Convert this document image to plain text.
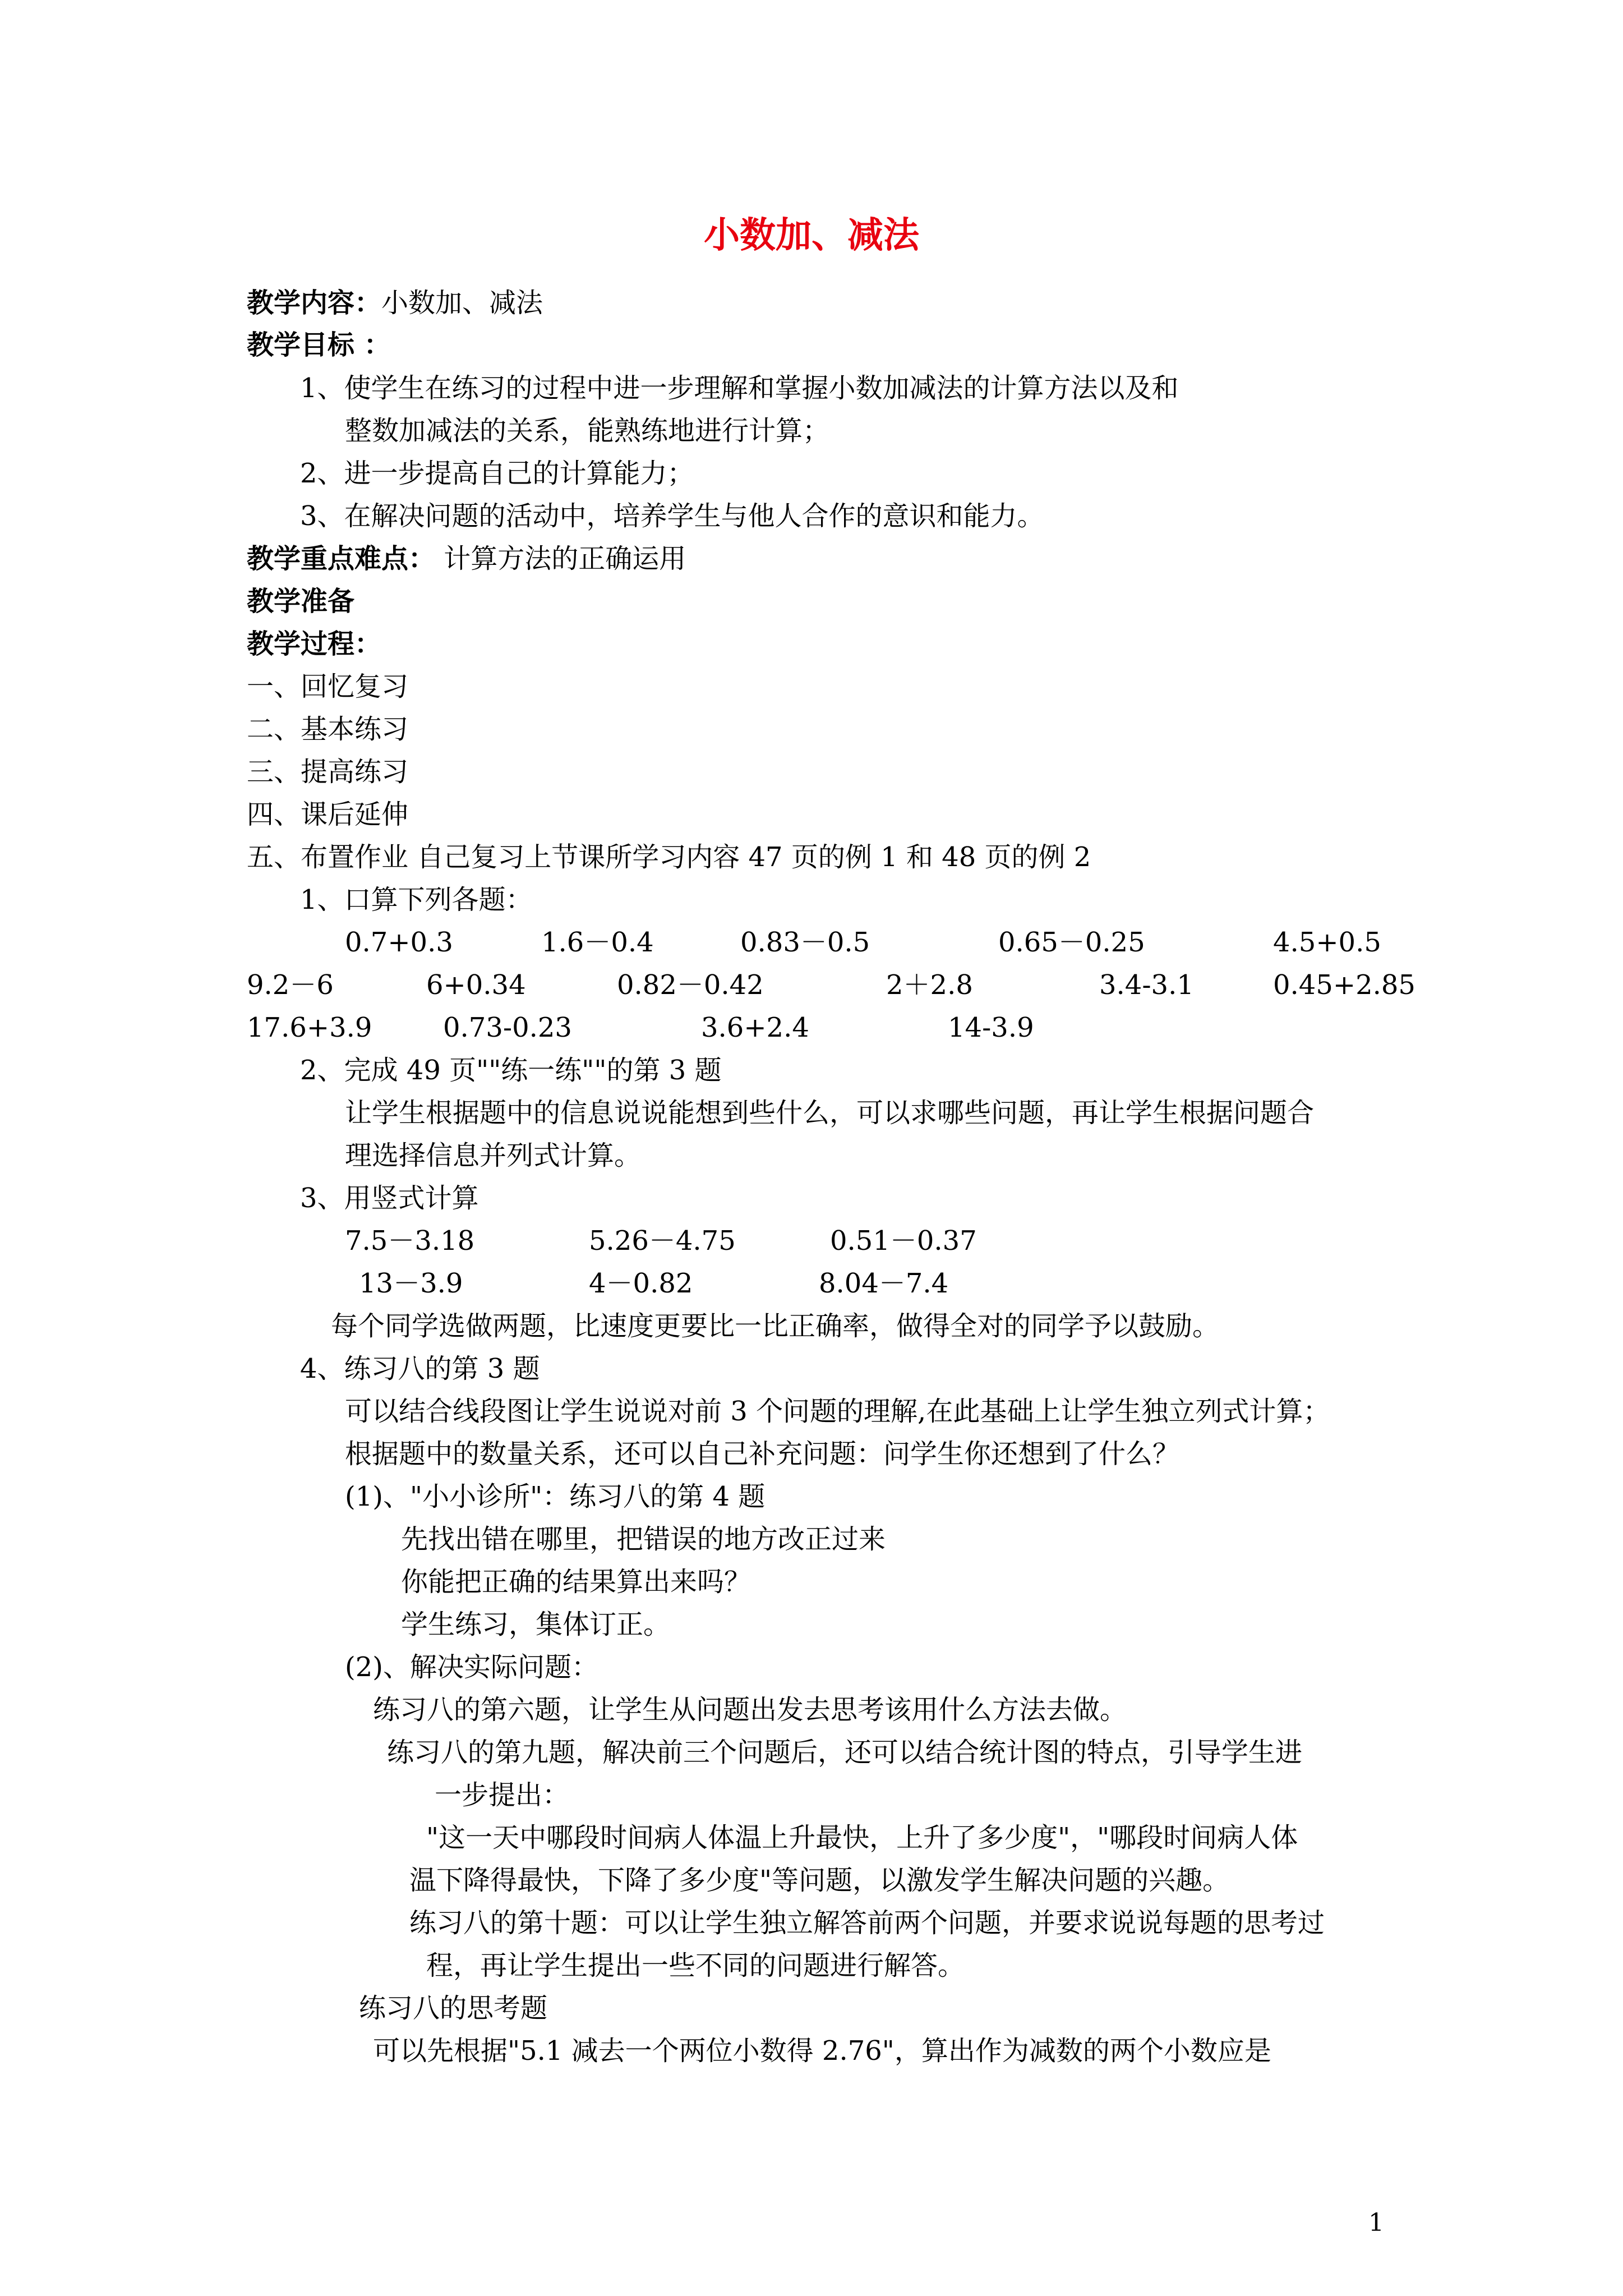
小数加、减法
教学内容：小数加、减法
教学目标 ：
1、使学生在练习的过程中进一步理解和掌握小数加减法的计算方法以及和
整数加减法的关系，能熟练地进行计算；
2、进一步提高自己的计算能力；
3、在解决问题的活动中，培养学生与他人合作的意识和能力。
教学重点难点： 计算方法的正确运用
教学准备
教学过程：
一、回忆复习
二、基本练习
三、提高练习
四、课后延伸
五、布置作业 自己复习上节课所学习内容 47 页的例 1 和 48 页的例 2
1、口算下列各题：
0.7+0.3	1.6－0.4	0.83－0.5	0.65－0.25	4.5+0.5
9.2－6	6+0.34	0.82－0.42	2＋2.8	3.4-3.1	0.45+2.85
17.6+3.9	0.73-0.23	3.6+2.4	14-3.9
2、完成 49 页""练一练""的第 3 题
让学生根据题中的信息说说能想到些什么，可以求哪些问题，再让学生根据问题合
理选择信息并列式计算。
3、用竖式计算
7.5－3.18	5.26－4.75	0.51－0.37
13－3.9	4－0.82	8.04－7.4
每个同学选做两题，比速度更要比一比正确率，做得全对的同学予以鼓励。
4、练习八的第 3 题
可以结合线段图让学生说说对前 3 个问题的理解,在此基础上让学生独立列式计算；
根据题中的数量关系，还可以自己补充问题：问学生你还想到了什么？
(1)、"小小诊所"：练习八的第 4 题
先找出错在哪里，把错误的地方改正过来
你能把正确的结果算出来吗？
学生练习，集体订正。
(2)、解决实际问题：
练习八的第六题，让学生从问题出发去思考该用什么方法去做。
练习八的第九题，解决前三个问题后，还可以结合统计图的特点，引导学生进
一步提出：
"这一天中哪段时间病人体温上升最快，上升了多少度"，"哪段时间病人体
温下降得最快，下降了多少度"等问题，以激发学生解决问题的兴趣。
练习八的第十题：可以让学生独立解答前两个问题，并要求说说每题的思考过
程，再让学生提出一些不同的问题进行解答。
练习八的思考题
可以先根据"5.1 减去一个两位小数得 2.76"，算出作为减数的两个小数应是
1
